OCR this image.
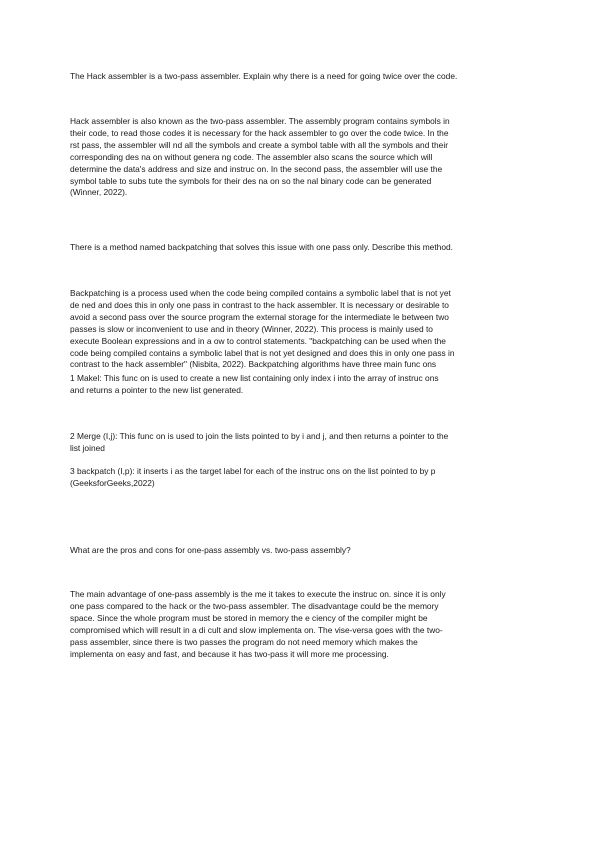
The Hack assembler is a two-pass assembler. Explain why there is a need for going twice over the code.

Hack assembler is also known as the two-pass assembler. The assembly program contains symbols in
their code, to read those codes it is necessary for the hack assembler to go over the code twice. In the
rst pass, the assembler will nd all the symbols and create a symbol table with all the symbols and their
corresponding des na on without genera ng code. The assembler also scans the source which will
determine the data's address and size and instruc on. In the second pass, the assembler will use the
symbol table to subs tute the symbols for their des na on so the nal binary code can be generated
(Winner, 2022).

There is a method named backpatching that solves this issue with one pass only. Describe this method.

Backpatching is a process used when the code being compiled contains a symbolic label that is not yet
de ned and does this in only one pass in contrast to the hack assembler. It is necessary or desirable to
avoid a second pass over the source program the external storage for the intermediate le between two
passes is slow or inconvenient to use and in theory (Winner, 2022). This process is mainly used to
execute Boolean expressions and in a ow to control statements. "backpatching can be used when the
code being compiled contains a symbolic label that is not yet designed and does this in only one pass in
contrast to the hack assembler" (Nisbita, 2022). Backpatching algorithms have three main func ons

1 Makel: This func on is used to create a new list containing only index i into the array of instruc ons
and returns a pointer to the new list generated.

2 Merge (I,j): This func on is used to join the lists pointed to by i and j, and then returns a pointer to the
list joined

3 backpatch (I,p): it inserts i as the target label for each of the instruc ons on the list pointed to by p
(GeeksforGeeks,2022)

What are the pros and cons for one-pass assembly vs. two-pass assembly?

The main advantage of one-pass assembly is the me it takes to execute the instruc on. since it is only
one pass compared to the hack or the two-pass assembler. The disadvantage could be the memory
space. Since the whole program must be stored in memory the e ciency of the compiler might be
compromised which will result in a di cult and slow implementa on. The vise-versa goes with the two-
pass assembler, since there is two passes the program do not need memory which makes the
implementa on easy and fast, and because it has two-pass it will more me processing.
